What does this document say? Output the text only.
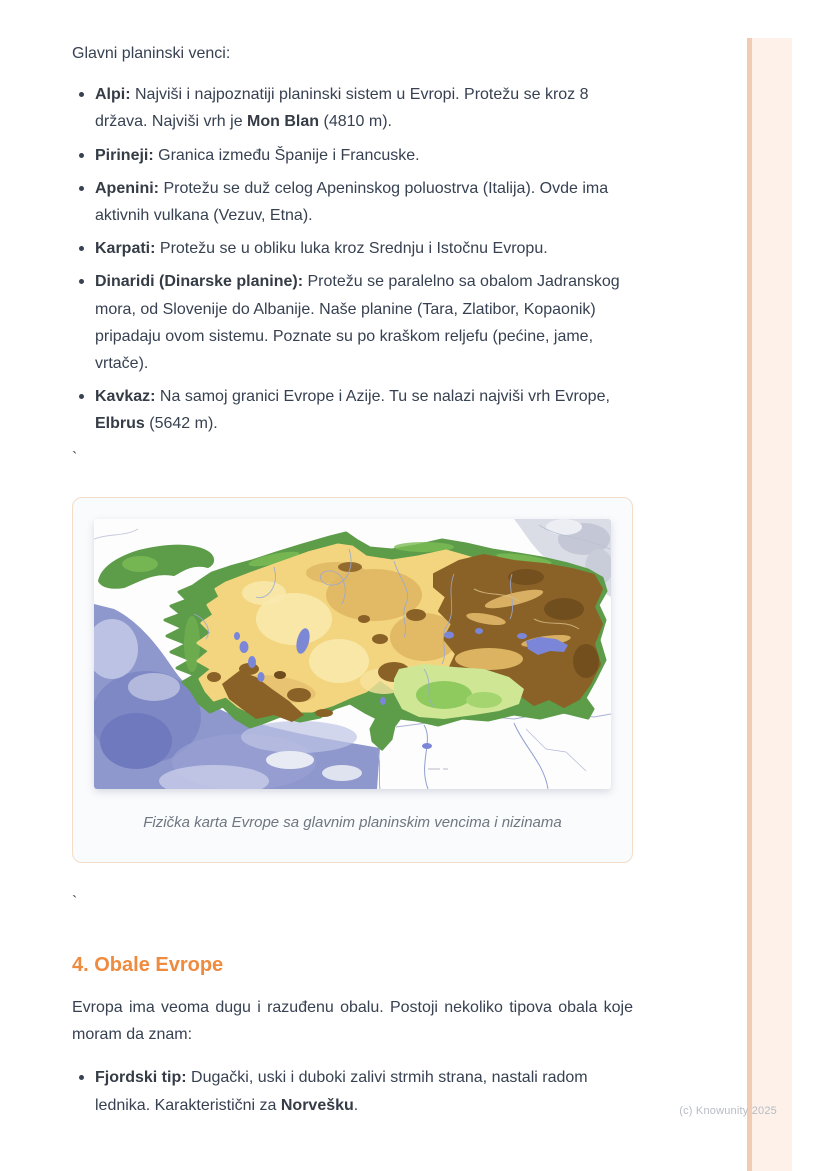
Glavni planinski venci:

Alpi: Najviši i najpoznatiji planinski sistem u Evropi. Protežu se kroz 8 država. Najviši vrh je Mon Blan (4810 m).
Pirineji: Granica između Španije i Francuske.
Apenini: Protežu se duž celog Apeninskog poluostrva (Italija). Ovde ima aktivnih vulkana (Vezuv, Etna).
Karpati: Protežu se u obliku luka kroz Srednju i Istočnu Evropu.
Dinaridi (Dinarske planine): Protežu se paralelno sa obalom Jadranskog mora, od Slovenije do Albanije. Naše planine (Tara, Zlatibor, Kopaonik) pripadaju ovom sistemu. Poznate su po kraškom reljefu (pećine, jame, vrtače).
Kavkaz: Na samoj granici Evrope i Azije. Tu se nalazi najviši vrh Evrope, Elbrus (5642 m).

`

Fizička karta Evrope sa glavnim planinskim vencima i nizinama

`

4. Obale Evrope

Evropa ima veoma dugu i razuđenu obalu. Postoji nekoliko tipova obala koje moram da znam:

Fjordski tip: Dugački, uski i duboki zalivi strmih strana, nastali radom lednika. Karakteristični za Norvešku.	(c) Knowunity 2025
